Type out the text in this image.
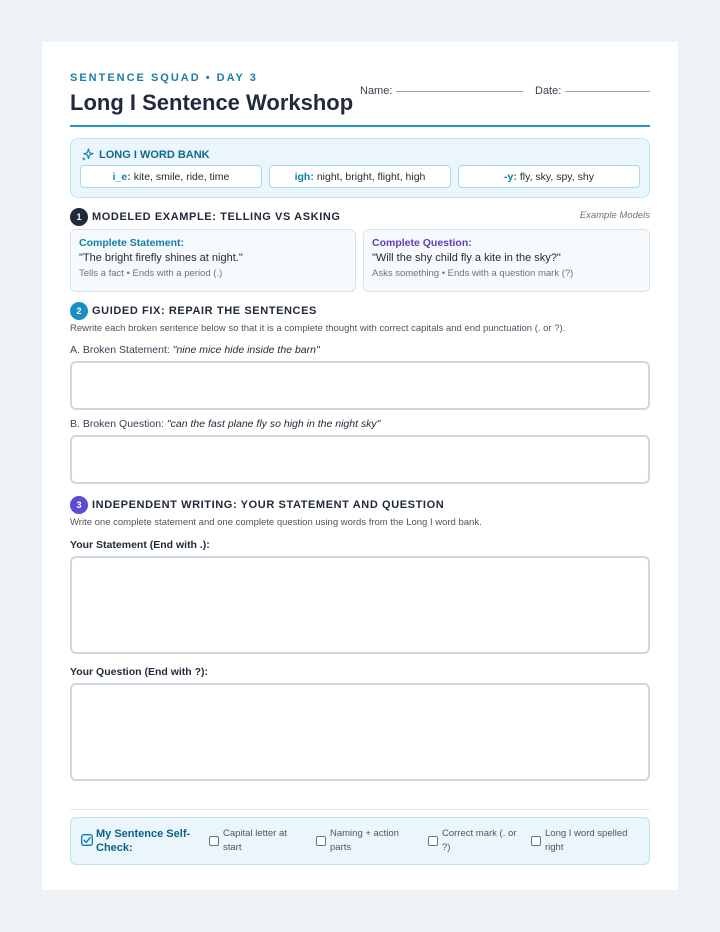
SENTENCE SQUAD • DAY 3
Long I Sentence Workshop Name:	Date:
LONG I WORD BANK
i_e: kite, smile, ride, time	igh: night, bright, flight, high	-y: fly, sky, spy, shy
1 MODELED EXAMPLE: TELLING VS ASKING	Example Models
Complete Statement:
"The bright firefly shines at night."
Tells a fact • Ends with a period (.)
Complete Question:
"Will the shy child fly a kite in the sky?"
Asks something • Ends with a question mark (?)
2 GUIDED FIX: REPAIR THE SENTENCES
Rewrite each broken sentence below so that it is a complete thought with correct capitals and end punctuation (. or ?).
A. Broken Statement: "nine mice hide inside the barn"
B. Broken Question: "can the fast plane fly so high in the night sky"
3 INDEPENDENT WRITING: YOUR STATEMENT AND QUESTION
Write one complete statement and one complete question using words from the Long I word bank.
Your Statement (End with .):
Your Question (End with ?):
My Sentence Self-Check:
Capital letter at start
Naming + action parts
Correct mark (. or ?)
Long I word spelled right
